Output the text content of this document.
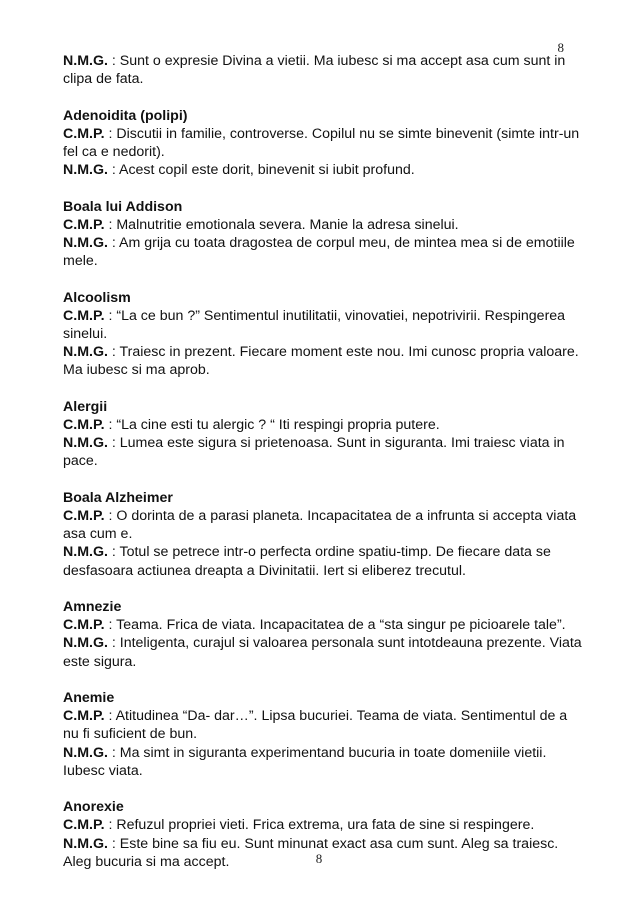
8

N.M.G. : Sunt o expresie Divina a vietii. Ma iubesc si ma accept asa cum sunt in clipa de fata.

Adenoidita (polipi)

C.M.P. : Discutii in familie, controverse. Copilul nu se simte binevenit (simte intr-un fel ca e nedorit).

N.M.G. : Acest copil este dorit, binevenit si iubit profund.

Boala lui Addison

C.M.P. : Malnutritie emotionala severa. Manie la adresa sinelui.

N.M.G. : Am grija cu toata dragostea de corpul meu, de mintea mea si de emotiile mele.

Alcoolism

C.M.P. : “La ce bun ?” Sentimentul inutilitatii, vinovatiei, nepotrivirii. Respingerea sinelui.

N.M.G. : Traiesc in prezent. Fiecare moment este nou. Imi cunosc propria valoare. Ma iubesc si ma aprob.

Alergii

C.M.P. : “La cine esti tu alergic ? “ Iti respingi propria putere.

N.M.G. : Lumea este sigura si prietenoasa. Sunt in siguranta. Imi traiesc viata in pace.

Boala Alzheimer

C.M.P. : O dorinta de a parasi planeta. Incapacitatea de a infrunta si accepta viata asa cum e.

N.M.G. : Totul se petrece intr-o perfecta ordine spatiu-timp. De fiecare data se desfasoara actiunea dreapta a Divinitatii. Iert si eliberez trecutul.

Amnezie

C.M.P. : Teama. Frica de viata. Incapacitatea de a “sta singur pe picioarele tale”.

N.M.G. : Inteligenta, curajul si valoarea personala sunt intotdeauna prezente. Viata este sigura.

Anemie

C.M.P. : Atitudinea “Da- dar…”. Lipsa bucuriei. Teama de viata. Sentimentul de a nu fi suficient de bun.

N.M.G. : Ma simt in siguranta experimentand bucuria in toate domeniile vietii. Iubesc viata.

Anorexie

C.M.P. : Refuzul propriei vieti. Frica extrema, ura fata de sine si respingere.

N.M.G. : Este bine sa fiu eu. Sunt minunat exact asa cum sunt. Aleg sa traiesc. Aleg bucuria si ma accept.	8
